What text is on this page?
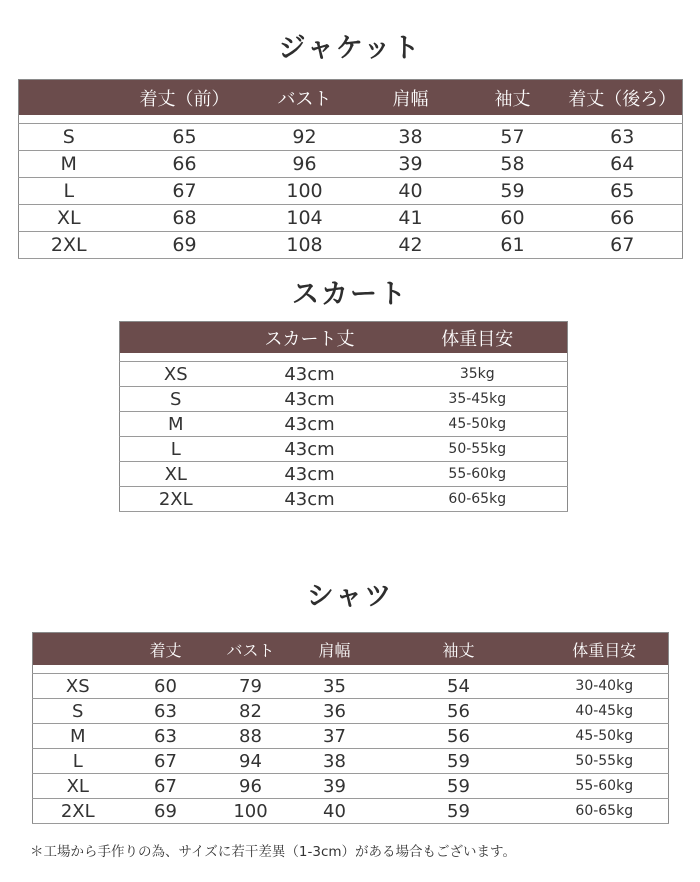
ジャケット
	着丈（前）	バスト	肩幅	袖丈	着丈（後ろ）

S	65	92	38	57	63
M	66	96	39	58	64
L	67	100	40	59	65
XL	68	104	41	60	66
2XL	69	108	42	61	67
スカート
	スカート丈	体重目安

XS	43cm	35kg
S	43cm	35-45kg
M	43cm	45-50kg
L	43cm	50-55kg
XL	43cm	55-60kg
2XL	43cm	60-65kg
シャツ
	着丈	バスト	肩幅	袖丈	体重目安

XS	60	79	35	54	30-40kg
S	63	82	36	56	40-45kg
M	63	88	37	56	45-50kg
L	67	94	38	59	50-55kg
XL	67	96	39	59	55-60kg
2XL	69	100	40	59	60-65kg
＊工場から手作りの為、サイズに若干差異（1-3cm）がある場合もございます。
